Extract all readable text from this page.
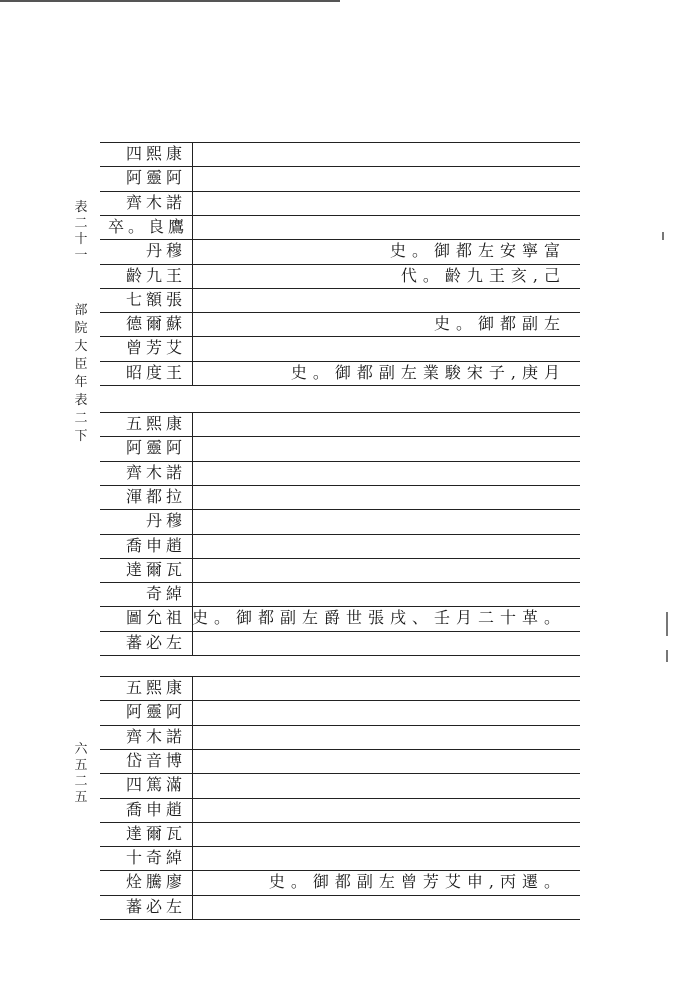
表
二
十
一
部
院
大
臣
年
表
二
下
六
五
二
五
四熙康
阿靈阿
齊木諾
卒。良鷹
丹穆	史。御都左安寧富
齡九王	代。齡九王亥,己
七額張
德爾蘇	史。御都副左
曾芳艾
昭度王	史。御都副左業駿宋子,庚月
五熙康
阿靈阿
齊木諾
渾都拉
丹穆
喬申趙
達爾瓦
奇綽
圖允祖 史。御都副左爵世張戌、壬月二十革。
蕃必左
五熙康
阿靈阿
齊木諾
岱音博
四篤滿
喬申趙
達爾瓦
十奇綽
烇騰廖	史。御都副左曾芳艾申,丙遷。
蕃必左
